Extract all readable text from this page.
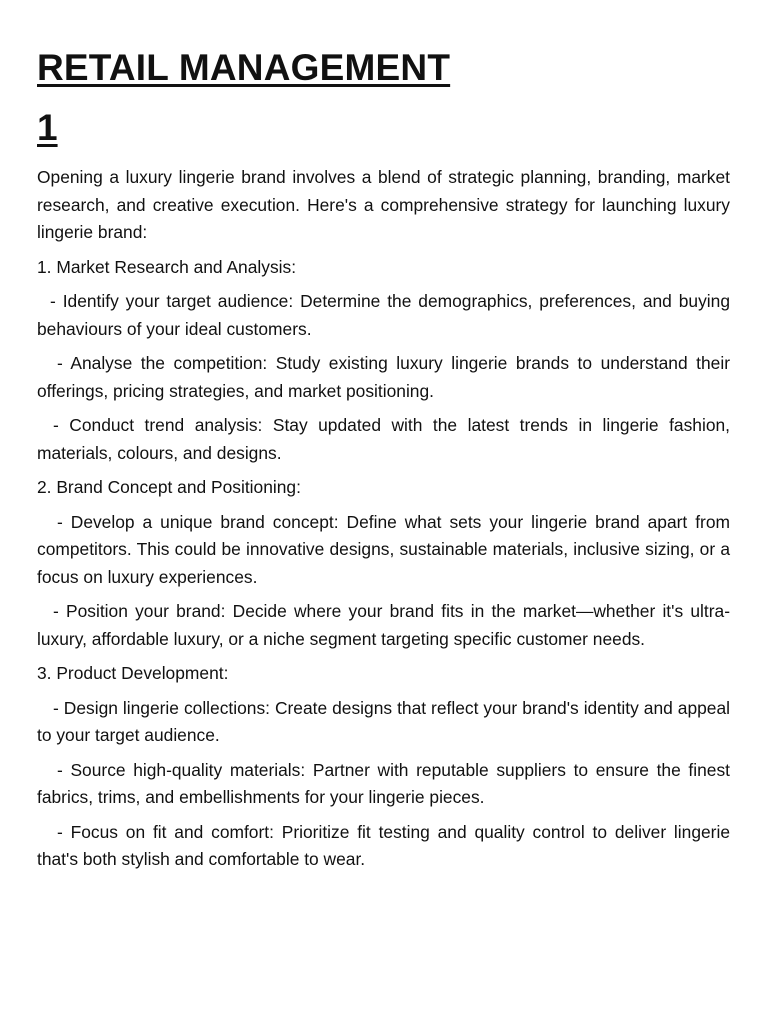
RETAIL MANAGEMENT
1

Opening a luxury lingerie brand involves a blend of strategic planning, branding, market research, and creative execution. Here's a comprehensive strategy for launching luxury lingerie brand:

1. Market Research and Analysis:

- Identify your target audience: Determine the demographics, preferences, and buying behaviours of your ideal customers.

- Analyse the competition: Study existing luxury lingerie brands to understand their offerings, pricing strategies, and market positioning.

- Conduct trend analysis: Stay updated with the latest trends in lingerie fashion, materials, colours, and designs.

2. Brand Concept and Positioning:

- Develop a unique brand concept: Define what sets your lingerie brand apart from competitors. This could be innovative designs, sustainable materials, inclusive sizing, or a focus on luxury experiences.

- Position your brand: Decide where your brand fits in the market—whether it's ultra-luxury, affordable luxury, or a niche segment targeting specific customer needs.

3. Product Development:

- Design lingerie collections: Create designs that reflect your brand's identity and appeal to your target audience.

- Source high-quality materials: Partner with reputable suppliers to ensure the finest fabrics, trims, and embellishments for your lingerie pieces.

- Focus on fit and comfort: Prioritize fit testing and quality control to deliver lingerie that's both stylish and comfortable to wear.
